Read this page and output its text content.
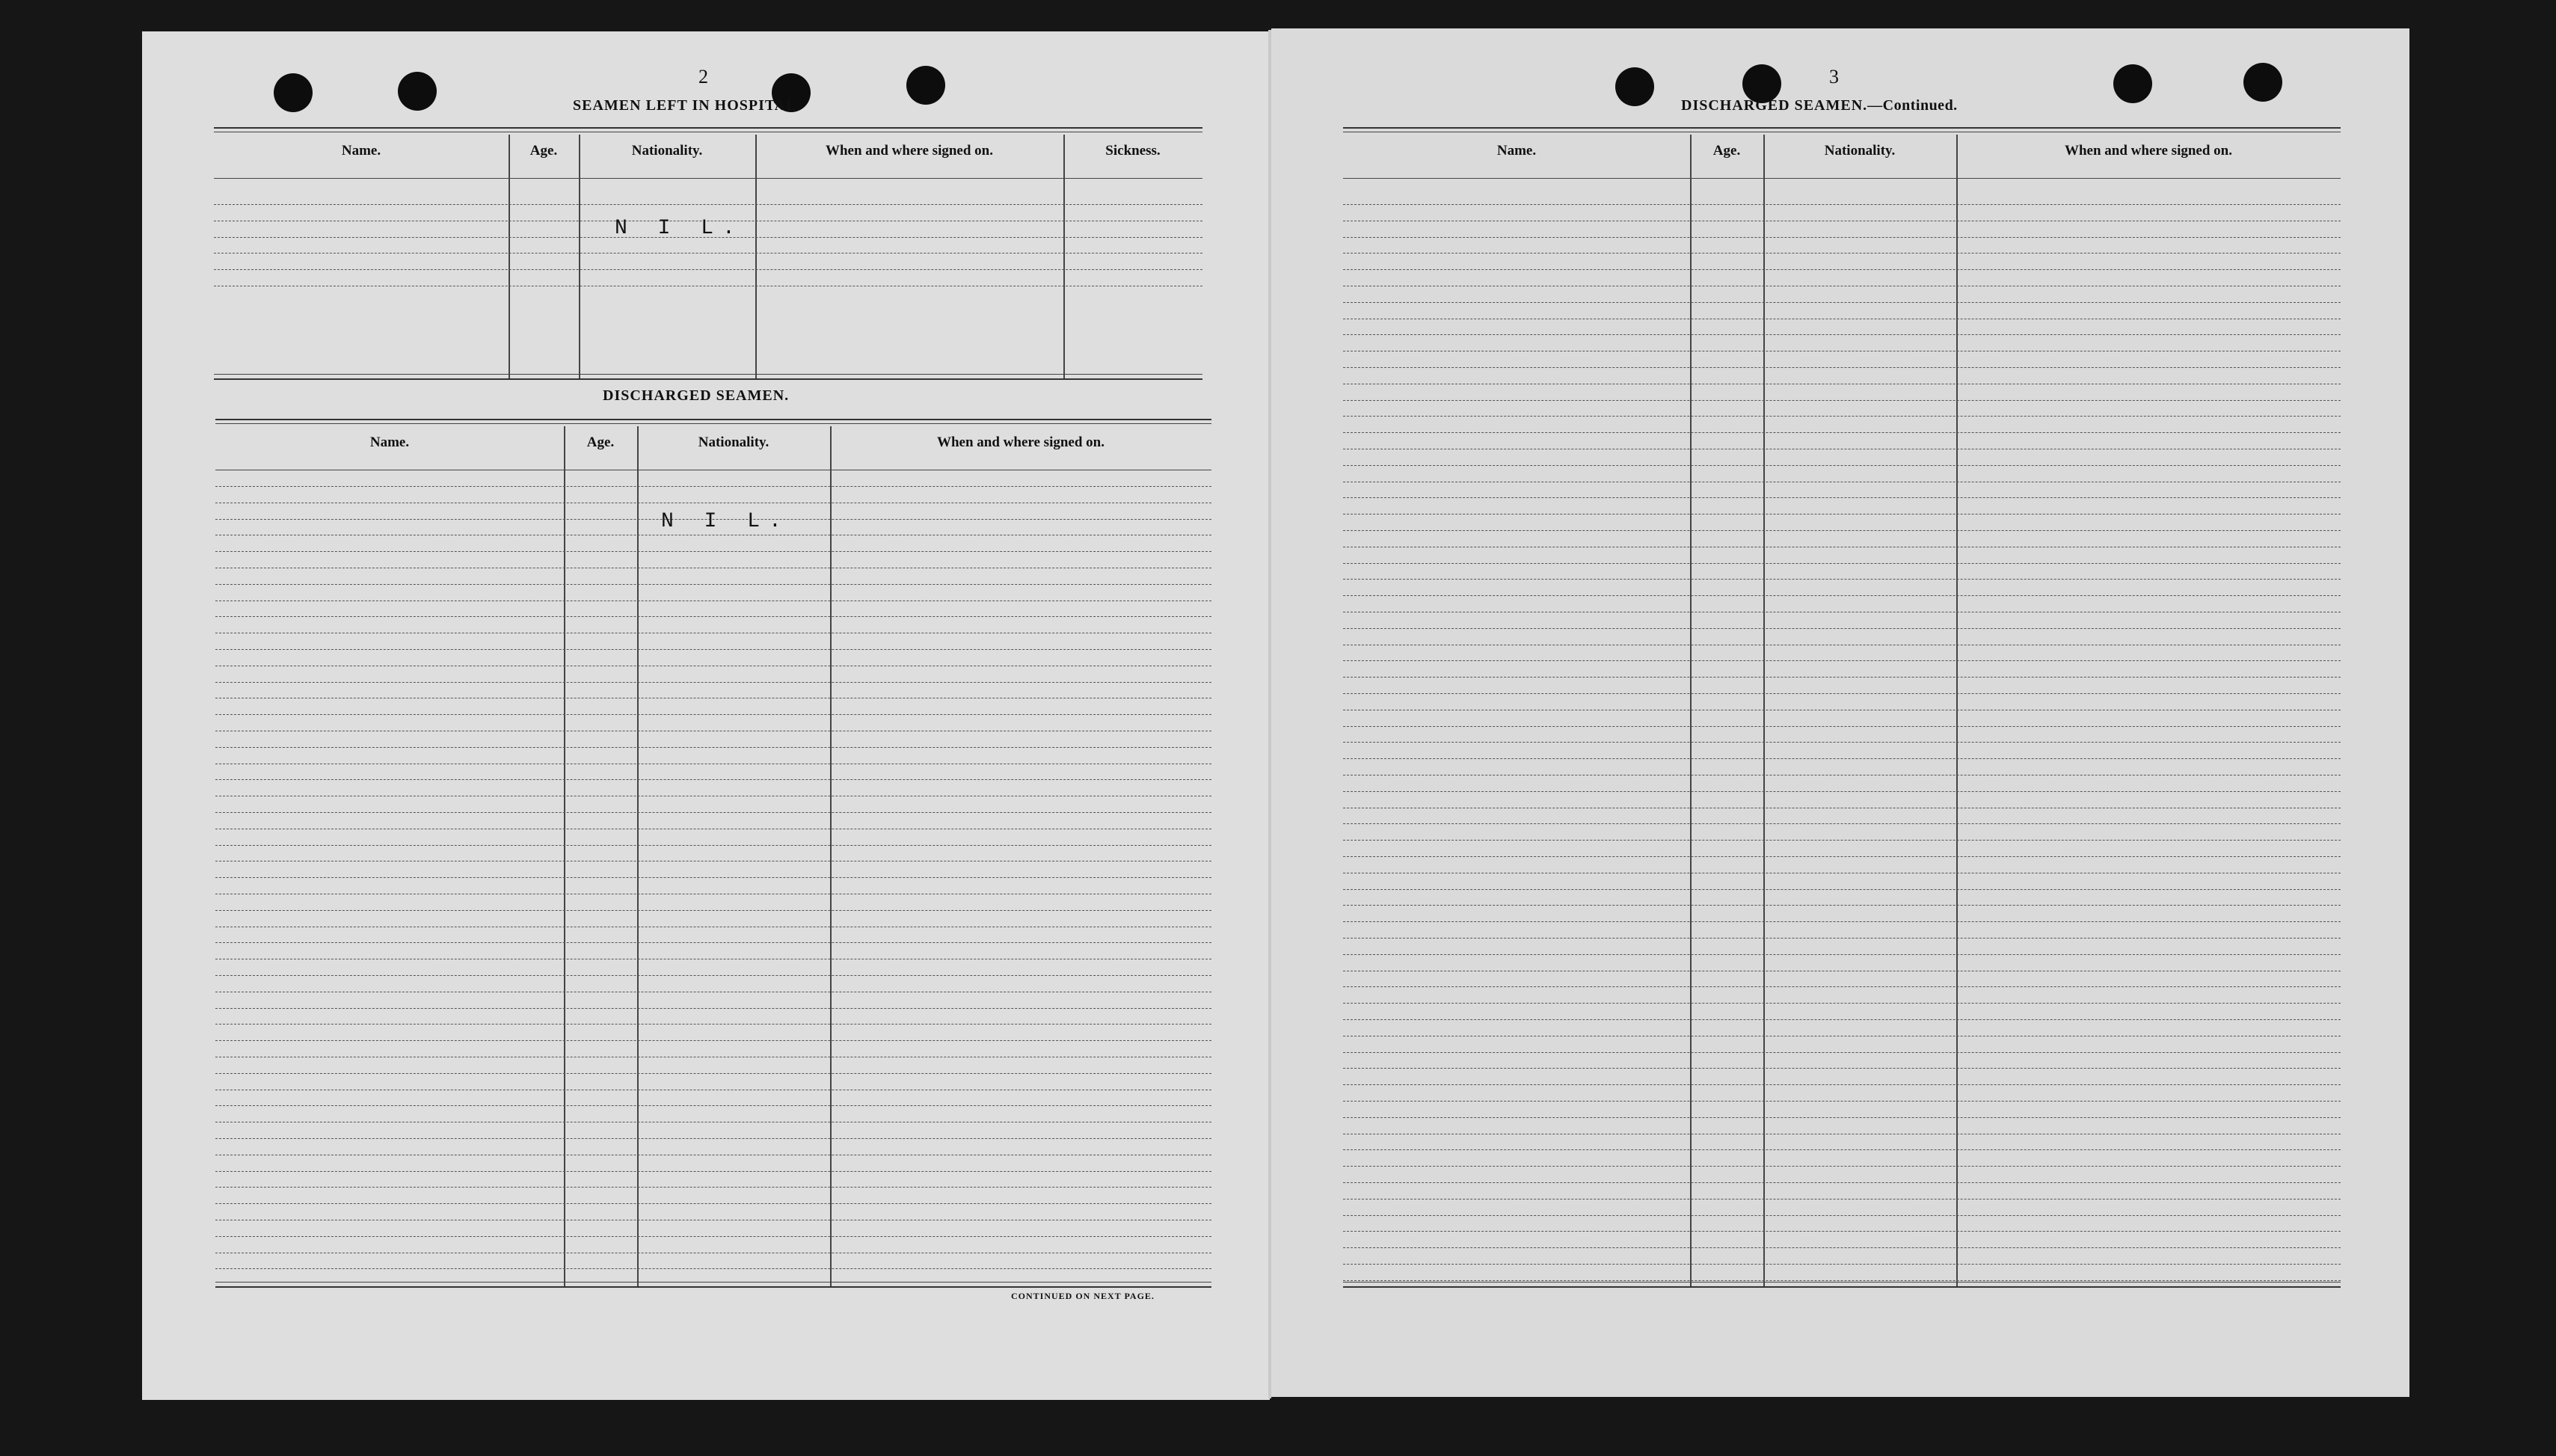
2
SEAMEN LEFT IN HOSPITAL.
Name.	Age.	Nationality.	When and where signed on.	Sickness.
N I L.
DISCHARGED SEAMEN.
Name.	Age.	Nationality.	When and where signed on.
N I L.
CONTINUED ON NEXT PAGE.
3
DISCHARGED SEAMEN.—Continued.
Name.	Age.	Nationality.	When and where signed on.
